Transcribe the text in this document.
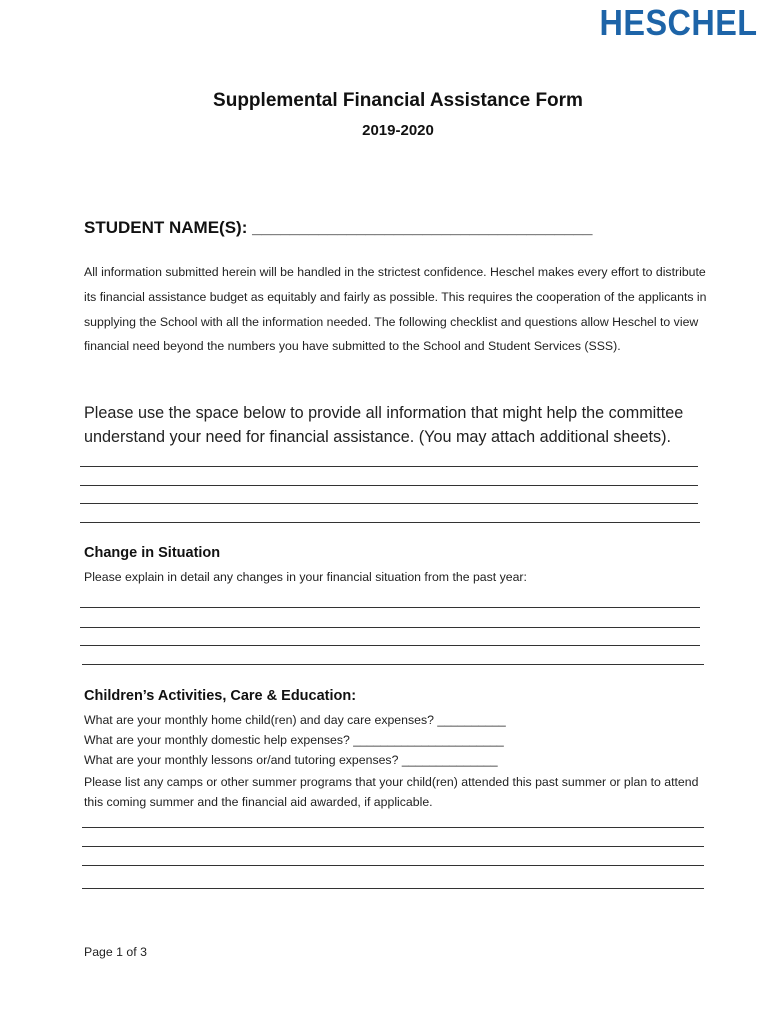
HESCHEL
Supplemental Financial Assistance Form
2019-2020
STUDENT NAME(S): ____________________________________
All information submitted herein will be handled in the strictest confidence. Heschel makes every effort to distribute its financial assistance budget as equitably and fairly as possible. This requires the cooperation of the applicants in supplying the School with all the information needed. The following checklist and questions allow Heschel to view financial need beyond the numbers you have submitted to the School and Student Services (SSS).
Please use the space below to provide all information that might help the committee understand your need for financial assistance. (You may attach additional sheets).
Change in Situation
Please explain in detail any changes in your financial situation from the past year:
Children’s Activities, Care & Education:
What are your monthly home child(ren) and day care expenses? __________
What are your monthly domestic help expenses? ______________________
What are your monthly lessons or/and tutoring expenses? ______________
Please list any camps or other summer programs that your child(ren) attended this past summer or plan to attend this coming summer and the financial aid awarded, if applicable.
Page 1 of 3
